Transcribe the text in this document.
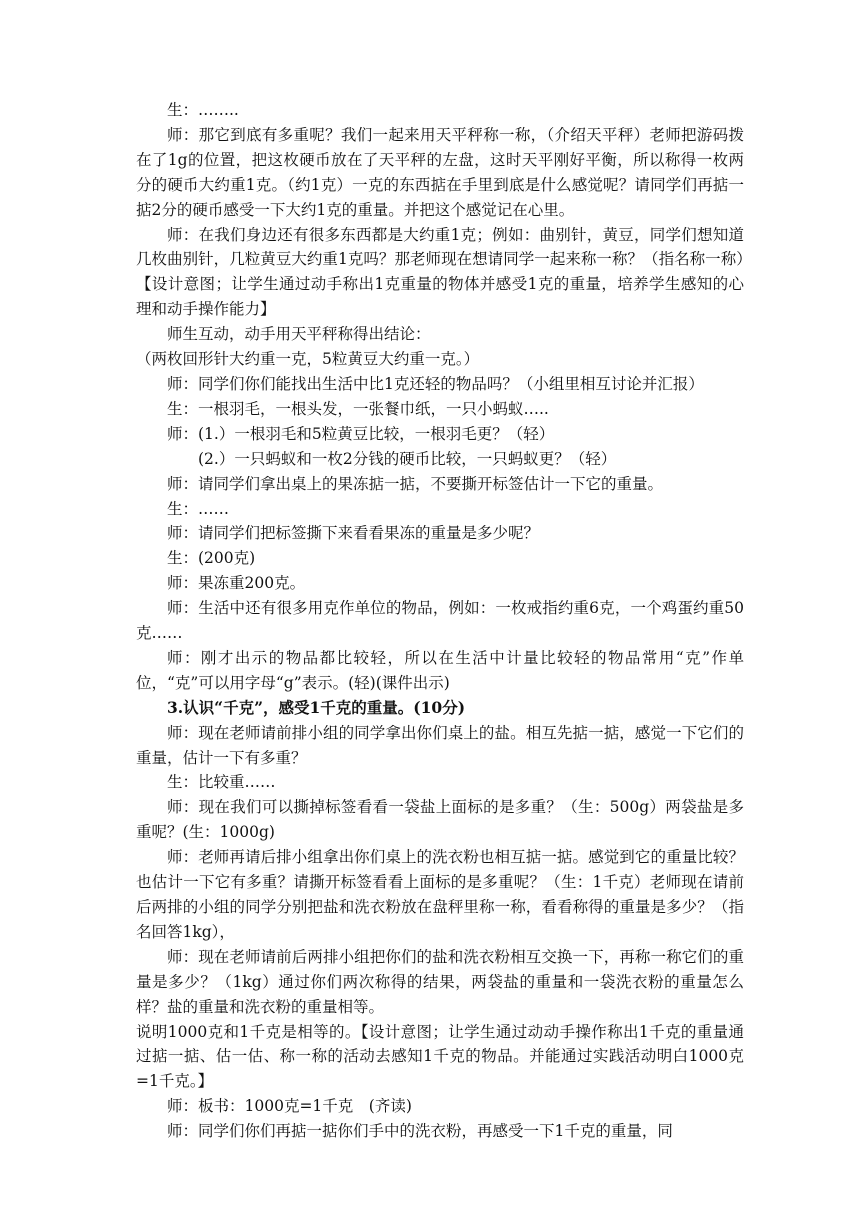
生：……..

师：那它到底有多重呢？我们一起来用天平秤称一称，（介绍天平秤）老师把游码拨在了1g的位置，把这枚硬币放在了天平秤的左盘，这时天平刚好平衡，所以称得一枚两分的硬币大约重1克。（约1克）一克的东西掂在手里到底是什么感觉呢？请同学们再掂一掂2分的硬币感受一下大约1克的重量。并把这个感觉记在心里。

师：在我们身边还有很多东西都是大约重1克；例如：曲别针，黄豆，同学们想知道几枚曲别针，几粒黄豆大约重1克吗？那老师现在想请同学一起来称一称？（指名称一称）【设计意图；让学生通过动手称出1克重量的物体并感受1克的重量，培养学生感知的心理和动手操作能力】

师生互动，动手用天平秤称得出结论：

（两枚回形针大约重一克，5粒黄豆大约重一克。）

师：同学们你们能找出生活中比1克还轻的物品吗？（小组里相互讨论并汇报）

生：一根羽毛，一根头发，一张餐巾纸，一只小蚂蚁…..

师：(1.）一根羽毛和5粒黄豆比较，一根羽毛更？（轻）

(2.）一只蚂蚁和一枚2分钱的硬币比较，一只蚂蚁更？（轻）

师：请同学们拿出桌上的果冻掂一掂，不要撕开标签估计一下它的重量。

生：……

师：请同学们把标签撕下来看看果冻的重量是多少呢？

生：(200克)

师：果冻重200克。

师：生活中还有很多用克作单位的物品，例如：一枚戒指约重6克，一个鸡蛋约重50克……

师：刚才出示的物品都比较轻，所以在生活中计量比较轻的物品常用“克”作单位，“克”可以用字母“g”表示。(轻)(课件出示)

3.认识“千克”，感受1千克的重量。(10分)

师：现在老师请前排小组的同学拿出你们桌上的盐。相互先掂一掂，感觉一下它们的重量，估计一下有多重？

生：比较重……

师：现在我们可以撕掉标签看看一袋盐上面标的是多重？（生：500g）两袋盐是多重呢？(生：1000g)

师：老师再请后排小组拿出你们桌上的洗衣粉也相互掂一掂。感觉到它的重量比较？也估计一下它有多重？请撕开标签看看上面标的是多重呢？（生：1千克）老师现在请前后两排的小组的同学分别把盐和洗衣粉放在盘秤里称一称，看看称得的重量是多少？（指名回答1kg），

师：现在老师请前后两排小组把你们的盐和洗衣粉相互交换一下，再称一称它们的重量是多少？（1kg）通过你们两次称得的结果，两袋盐的重量和一袋洗衣粉的重量怎么样？盐的重量和洗衣粉的重量相等。

说明1000克和1千克是相等的。【设计意图；让学生通过动动手操作称出1千克的重量通过掂一掂、估一估、称一称的活动去感知1千克的物品。并能通过实践活动明白1000克=1千克。】

师：板书：1000克=1千克　(齐读)

师：同学们你们再掂一掂你们手中的洗衣粉，再感受一下1千克的重量，同
